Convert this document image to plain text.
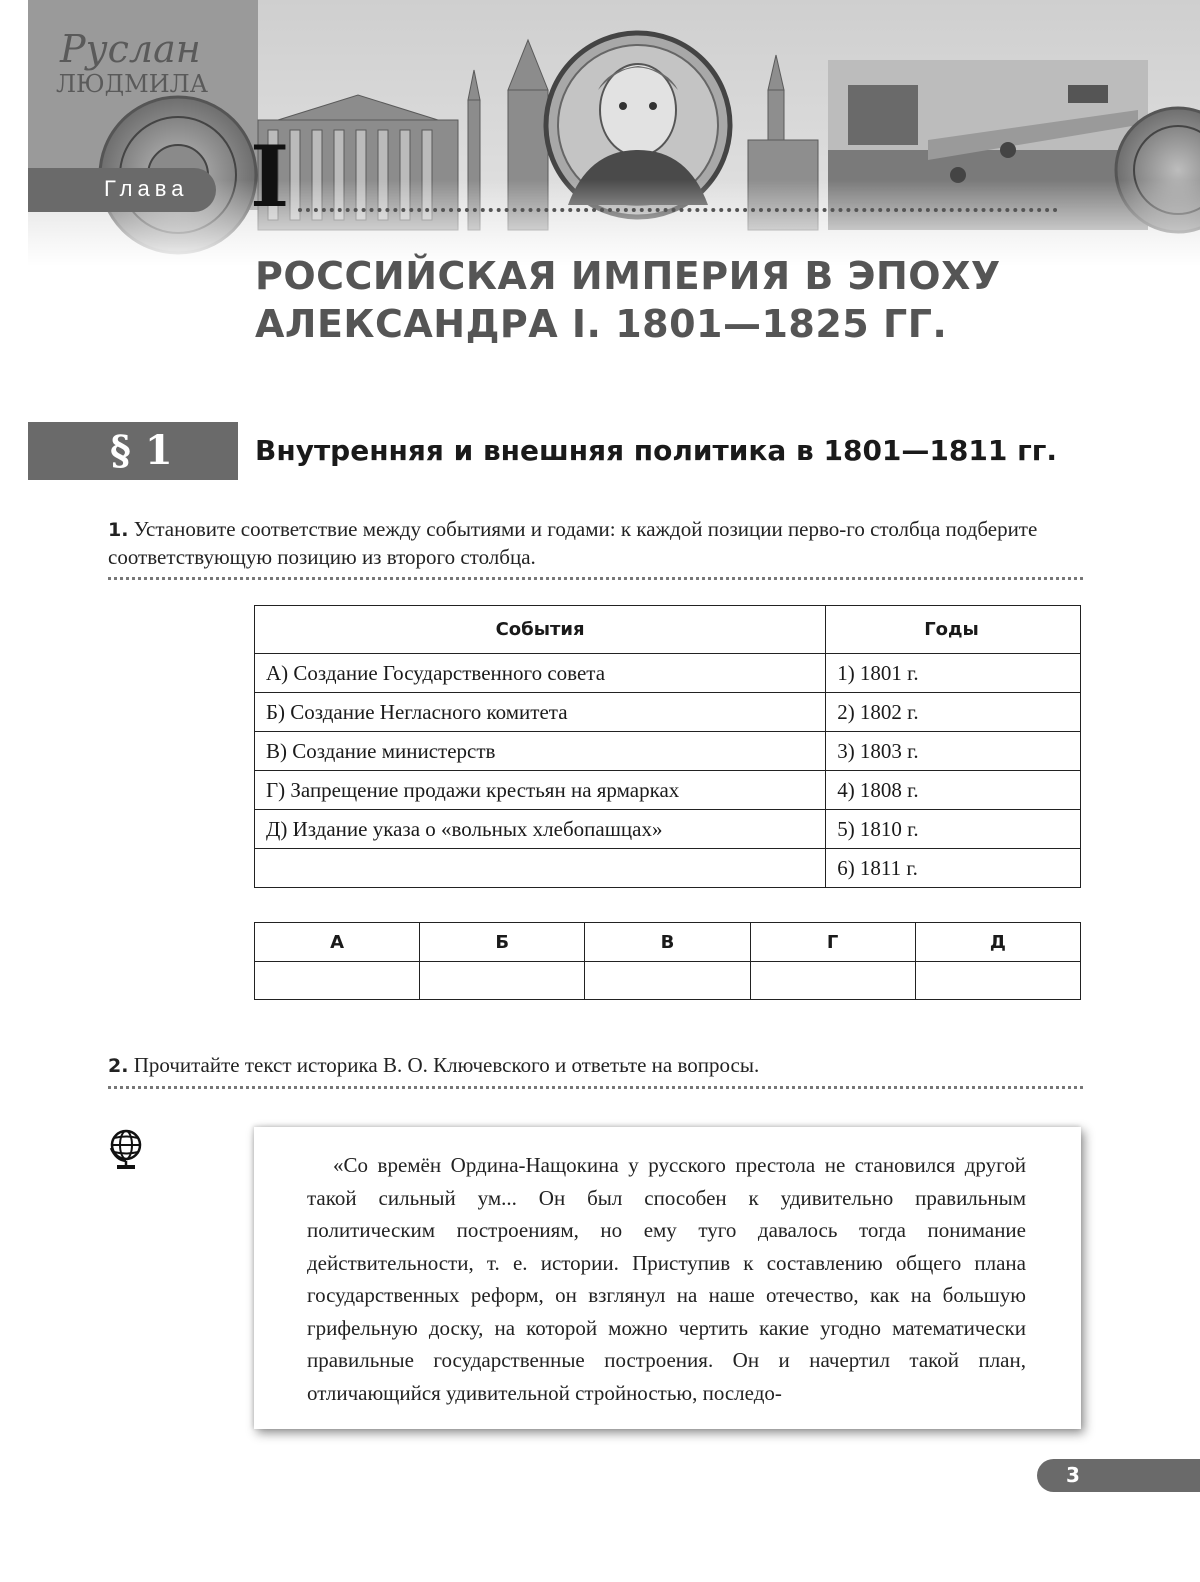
Глава I
РОССИЙСКАЯ ИМПЕРИЯ В ЭПОХУ
АЛЕКСАНДРА I. 1801—1825 ГГ.
§ 1	Внутренняя и внешняя политика в 1801—1811 гг.
1. Установите соответствие между событиями и годами: к каждой позиции перво-го столбца подберите соответствующую позицию из второго столбца.
События	Годы
А) Создание Государственного совета	1) 1801 г.
Б) Создание Негласного комитета	2) 1802 г.
В) Создание министерств	3) 1803 г.
Г) Запрещение продажи крестьян на ярмарках	4) 1808 г.
Д) Издание указа о «вольных хлебопашцах»	5) 1810 г.
	6) 1811 г.
А	Б	В	Г	Д

2. Прочитайте текст историка В. О. Ключевского и ответьте на вопросы.

«Со времён Ордина-Нащокина у русского престола не становился другой такой сильный ум... Он был способен к удивительно правильным политическим построениям, но ему туго давалось тогда понимание действительности, т. е. истории. Приступив к составлению общего плана государственных реформ, он взглянул на наше отечество, как на большую грифельную доску, на которой можно чертить какие угодно математически правильные государственные построения. Он и начертил такой план, отличающийся удивительной стройностью, последо-

3
